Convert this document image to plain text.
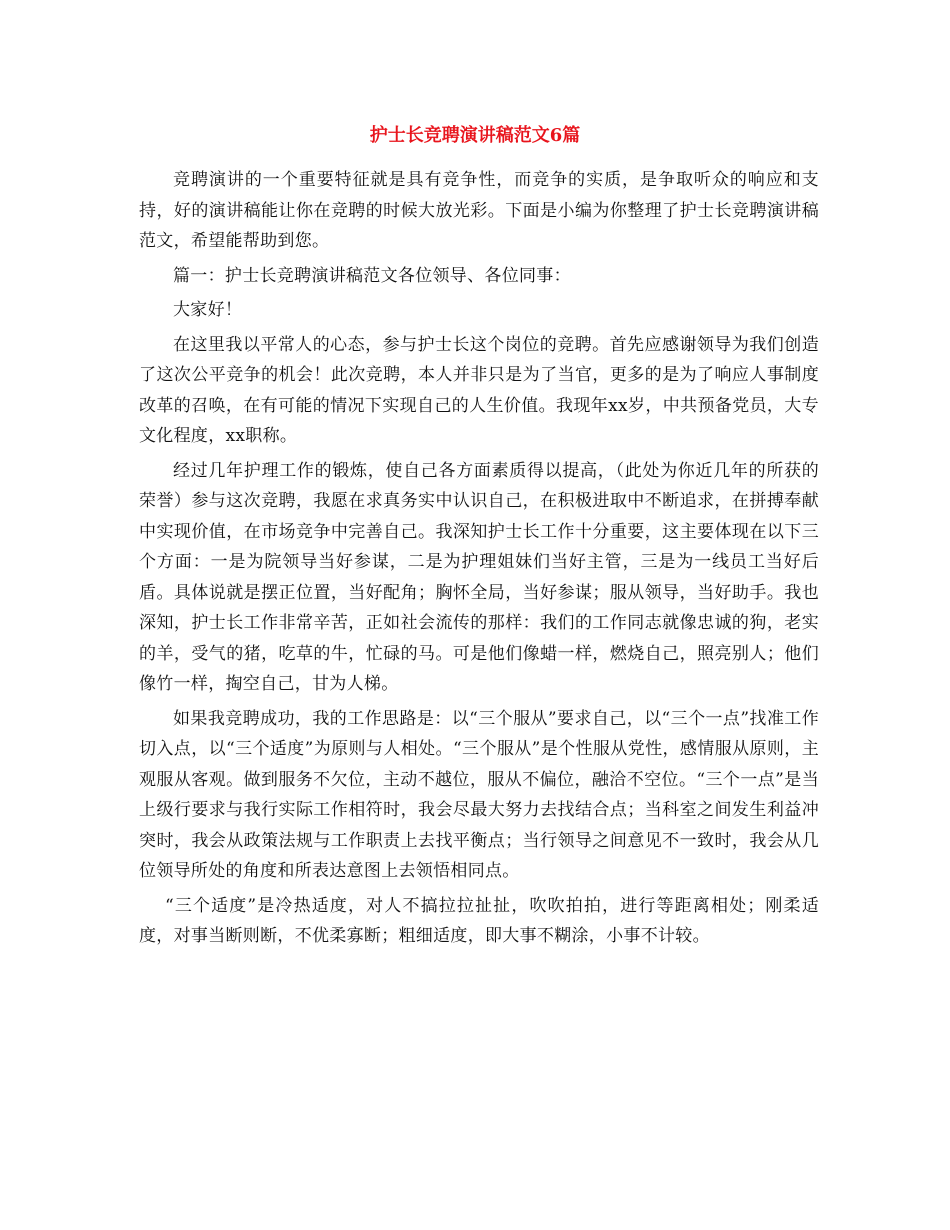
护士长竞聘演讲稿范文6篇

竞聘演讲的一个重要特征就是具有竞争性，而竞争的实质，是争取听众的响应和支持，好的演讲稿能让你在竞聘的时候大放光彩。下面是小编为你整理了护士长竞聘演讲稿范文，希望能帮助到您。

篇一：护士长竞聘演讲稿范文各位领导、各位同事：

大家好！

在这里我以平常人的心态，参与护士长这个岗位的竞聘。首先应感谢领导为我们创造了这次公平竞争的机会！此次竞聘，本人并非只是为了当官，更多的是为了响应人事制度改革的召唤，在有可能的情况下实现自己的人生价值。我现年xx岁，中共预备党员，大专文化程度，xx职称。

经过几年护理工作的锻炼，使自己各方面素质得以提高，（此处为你近几年的所获的荣誉）参与这次竞聘，我愿在求真务实中认识自己，在积极进取中不断追求，在拼搏奉献中实现价值，在市场竞争中完善自己。我深知护士长工作十分重要，这主要体现在以下三个方面：一是为院领导当好参谋，二是为护理姐妹们当好主管，三是为一线员工当好后盾。具体说就是摆正位置，当好配角；胸怀全局，当好参谋；服从领导，当好助手。我也深知，护士长工作非常辛苦，正如社会流传的那样：我们的工作同志就像忠诚的狗，老实的羊，受气的猪，吃草的牛，忙碌的马。可是他们像蜡一样，燃烧自己，照亮别人；他们像竹一样，掏空自己，甘为人梯。

如果我竞聘成功，我的工作思路是：以“三个服从”要求自己，以“三个一点”找准工作切入点，以“三个适度”为原则与人相处。“三个服从”是个性服从党性，感情服从原则，主观服从客观。做到服务不欠位，主动不越位，服从不偏位，融洽不空位。“三个一点”是当上级行要求与我行实际工作相符时，我会尽最大努力去找结合点；当科室之间发生利益冲突时，我会从政策法规与工作职责上去找平衡点；当行领导之间意见不一致时，我会从几位领导所处的角度和所表达意图上去领悟相同点。

“三个适度”是冷热适度，对人不搞拉拉扯扯，吹吹拍拍，进行等距离相处；刚柔适度，对事当断则断，不优柔寡断；粗细适度，即大事不糊涂，小事不计较。
